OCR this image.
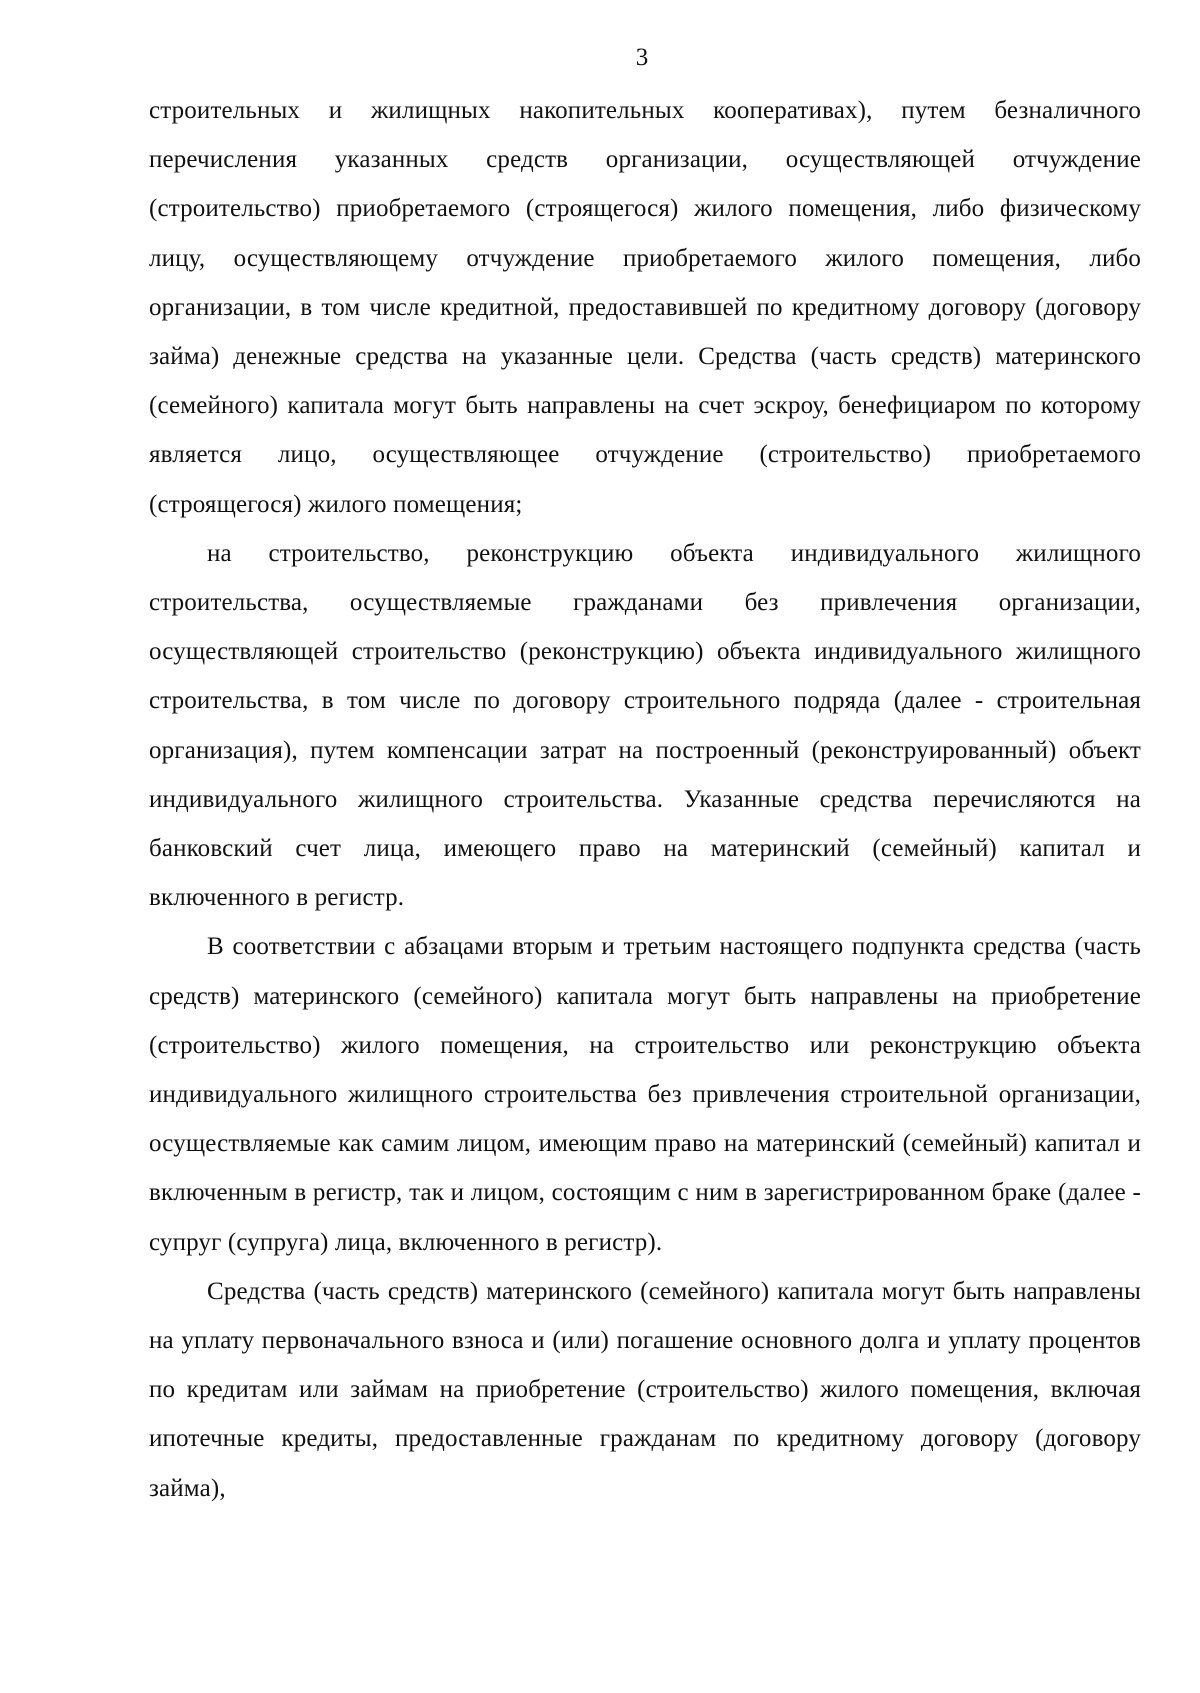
3

строительных и жилищных накопительных кооперативах), путем безналичного перечисления указанных средств организации, осуществляющей отчуждение (строительство) приобретаемого (строящегося) жилого помещения, либо физическому лицу, осуществляющему отчуждение приобретаемого жилого помещения, либо организации, в том числе кредитной, предоставившей по кредитному договору (договору займа) денежные средства на указанные цели. Средства (часть средств) материнского (семейного) капитала могут быть направлены на счет эскроу, бенефициаром по которому является лицо, осуществляющее отчуждение (строительство) приобретаемого (строящегося) жилого помещения;

на строительство, реконструкцию объекта индивидуального жилищного строительства, осуществляемые гражданами без привлечения организации, осуществляющей строительство (реконструкцию) объекта индивидуального жилищного строительства, в том числе по договору строительного подряда (далее - строительная организация), путем компенсации затрат на построенный (реконструированный) объект индивидуального жилищного строительства. Указанные средства перечисляются на банковский счет лица, имеющего право на материнский (семейный) капитал и включенного в регистр.

В соответствии с абзацами вторым и третьим настоящего подпункта средства (часть средств) материнского (семейного) капитала могут быть направлены на приобретение (строительство) жилого помещения, на строительство или реконструкцию объекта индивидуального жилищного строительства без привлечения строительной организации, осуществляемые как самим лицом, имеющим право на материнский (семейный) капитал и включенным в регистр, так и лицом, состоящим с ним в зарегистрированном браке (далее - супруг (супруга) лица, включенного в регистр).

Средства (часть средств) материнского (семейного) капитала могут быть направлены на уплату первоначального взноса и (или) погашение основного долга и уплату процентов по кредитам или займам на приобретение (строительство) жилого помещения, включая ипотечные кредиты, предоставленные гражданам по кредитному договору (договору займа),
